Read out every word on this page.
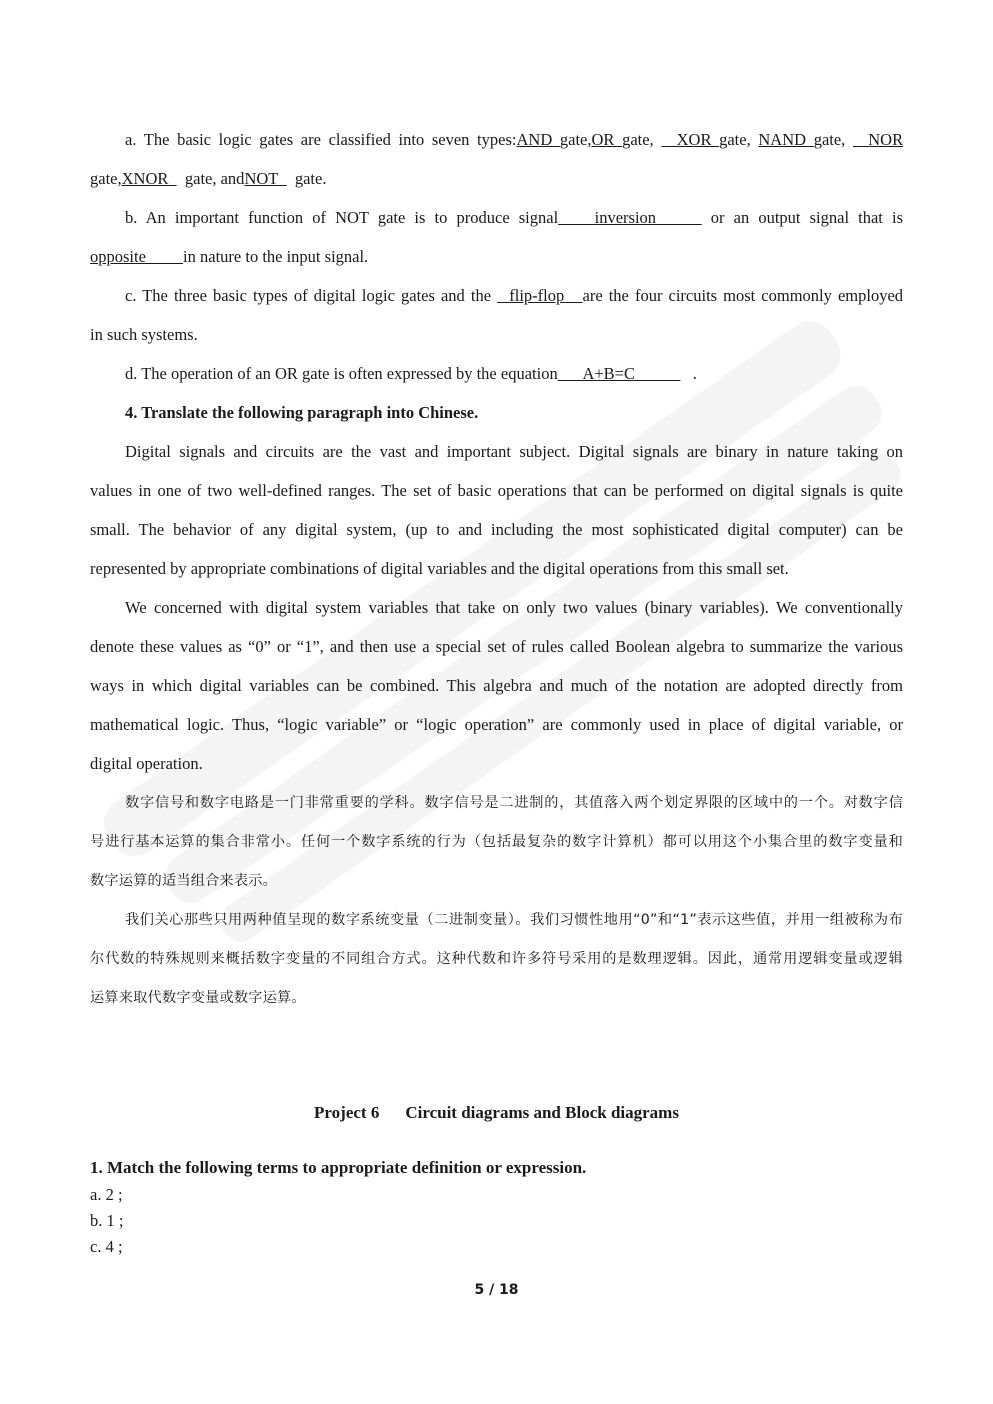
a. The basic logic gates are classified into seven types:AND gate,OR gate, XOR gate, NAND gate, NOR
gate,XNOR gate, andNOT gate.
b. An important function of NOT gate is to produce signal inversion	or an output signal that is
opposite in nature to the input signal.
c. The three basic types of digital logic gates and the flip-flop are the four circuits most commonly employed
in such systems.
d. The operation of an OR gate is often expressed by the equation A+B=C	.
4. Translate the following paragraph into Chinese.
Digital signals and circuits are the vast and important subject. Digital signals are binary in nature taking on
values in one of two well-defined ranges. The set of basic operations that can be performed on digital signals is quite
small. The behavior of any digital system, (up to and including the most sophisticated digital computer) can be
represented by appropriate combinations of digital variables and the digital operations from this small set.
We concerned with digital system variables that take on only two values (binary variables). We conventionally
denote these values as “0” or “1”, and then use a special set of rules called Boolean algebra to summarize the various
ways in which digital variables can be combined. This algebra and much of the notation are adopted directly from
mathematical logic. Thus, “logic variable” or “logic operation” are commonly used in place of digital variable, or
digital operation.
数字信号和数字电路是一门非常重要的学科。数字信号是二进制的，其值落入两个划定界限的区域中的一个。对数字信
号进行基本运算的集合非常小。任何一个数字系统的行为（包括最复杂的数字计算机）都可以用这个小集合里的数字变量和
数字运算的适当组合来表示。
我们关心那些只用两种值呈现的数字系统变量（二进制变量）。我们习惯性地用“0”和“1”表示这些值，并用一组被称为布
尔代数的特殊规则来概括数字变量的不同组合方式。这种代数和许多符号采用的是数理逻辑。因此，通常用逻辑变量或逻辑
运算来取代数字变量或数字运算。
Project 6 Circuit diagrams and Block diagrams
1. Match the following terms to appropriate definition or expression.
a. 2 ;
b. 1 ;
c. 4 ;
5 / 18
